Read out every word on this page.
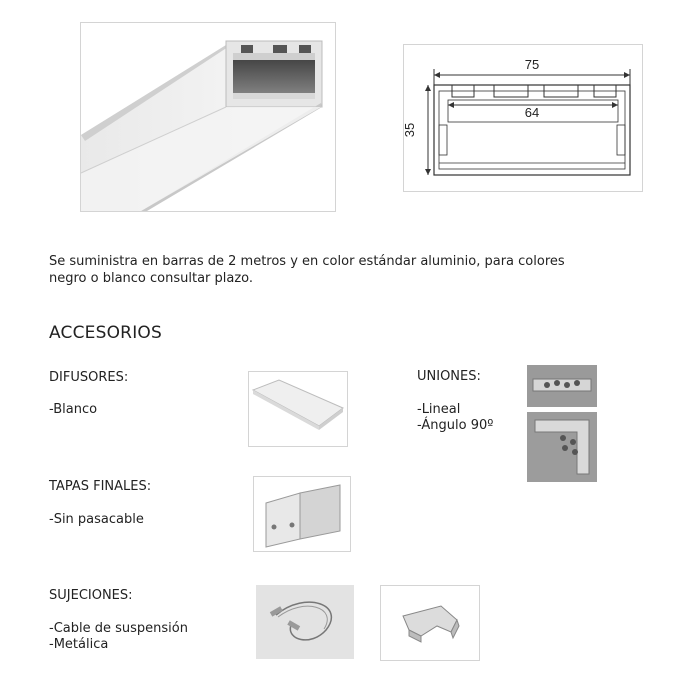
75
64
35
Se suministra en barras de 2 metros y en color estándar aluminio, para colores
negro o blanco consultar plazo.
ACCESORIOS
DIFUSORES:
-Blanco
UNIONES:
-Lineal
-Ángulo 90º
TAPAS FINALES:
-Sin pasacable
SUJECIONES:
-Cable de suspensión
-Metálica
